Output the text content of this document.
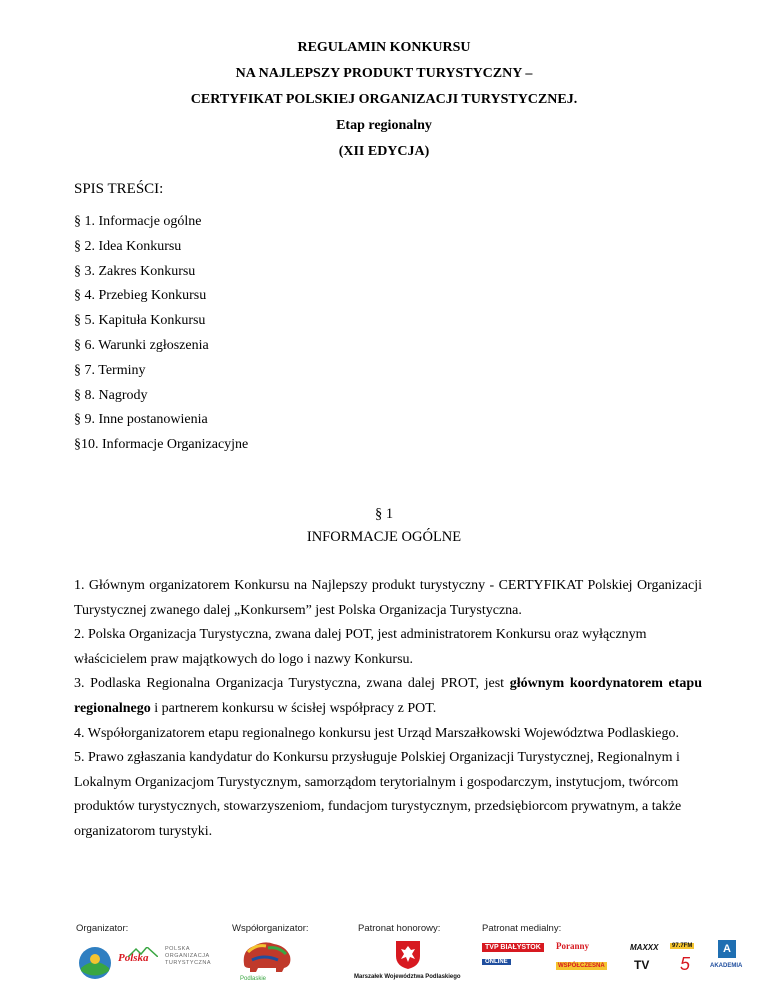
REGULAMIN KONKURSU
NA NAJLEPSZY PRODUKT TURYSTYCZNY –
CERTYFIKAT POLSKIEJ ORGANIZACJI TURYSTYCZNEJ.
Etap regionalny
(XII EDYCJA)
SPIS TREŚCI:
§ 1. Informacje ogólne
§ 2. Idea Konkursu
§ 3. Zakres Konkursu
§ 4. Przebieg Konkursu
§ 5. Kapituła Konkursu
§ 6. Warunki zgłoszenia
§ 7. Terminy
§ 8. Nagrody
§ 9. Inne postanowienia
§10. Informacje Organizacyjne
§ 1
INFORMACJE OGÓLNE

1. Głównym organizatorem Konkursu na Najlepszy produkt turystyczny - CERTYFIKAT Polskiej Organizacji Turystycznej zwanego dalej „Konkursem” jest Polska Organizacja Turystyczna.

2. Polska Organizacja Turystyczna, zwana dalej POT, jest administratorem Konkursu oraz wyłącznym właścicielem praw majątkowych do logo i nazwy Konkursu.

3. Podlaska Regionalna Organizacja Turystyczna, zwana dalej PROT, jest głównym koordynatorem etapu regionalnego i partnerem konkursu w ścisłej współpracy z POT.

4. Współorganizatorem etapu regionalnego konkursu jest Urząd Marszałkowski Województwa Podlaskiego.

5. Prawo zgłaszania kandydatur do Konkursu przysługuje Polskiej Organizacji Turystycznej, Regionalnym i Lokalnym Organizacjom Turystycznym, samorządom terytorialnym i gospodarczym, instytucjom, twórcom produktów turystycznych, stowarzyszeniom, fundacjom turystycznym, przedsiębiorcom prywatnym, a także organizatorom turystyki.

Organizator:	Współorganizator:	Patronat honorowy:	Patronat medialny:
Polska
POLSKA
ORGANIZACJA
TURYSTYCZNA
Podlaskie	Marszałek Województwa Podlaskiego
TVP BIAŁYSTOK	Poranny
ONLINE
WSPÓŁCZESNA
MAXXX	97.7FM
TV 5
A
AKADEMIA
